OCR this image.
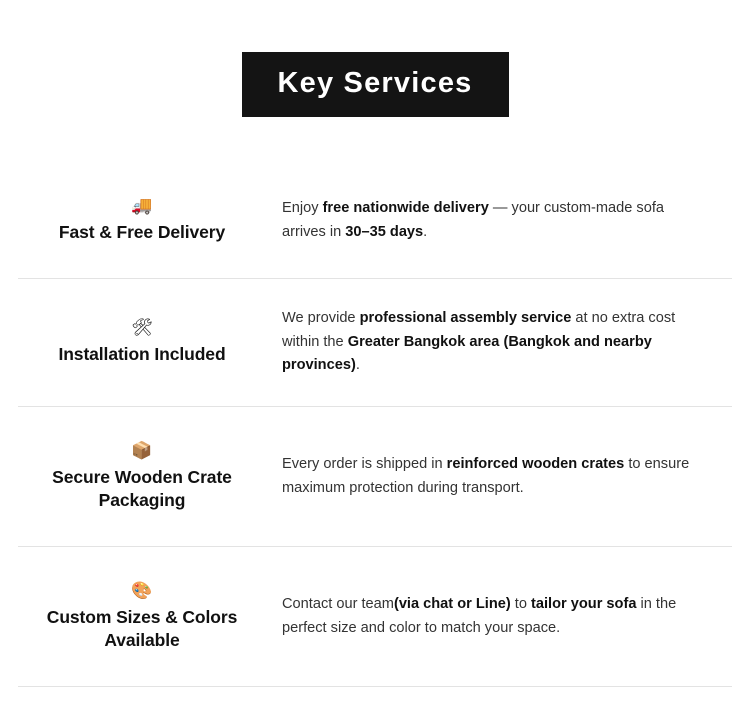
Key Services
🚚
Fast & Free Delivery
Enjoy free nationwide delivery — your custom-made sofa arrives in 30–35 days.
🛠
Installation Included
We provide professional assembly service at no extra cost within the Greater Bangkok area (Bangkok and nearby provinces).
📦
Secure Wooden Crate Packaging
Every order is shipped in reinforced wooden crates to ensure maximum protection during transport.
🎨
Custom Sizes & Colors Available
Contact our team(via chat or Line) to tailor your sofa in the perfect size and color to match your space.
